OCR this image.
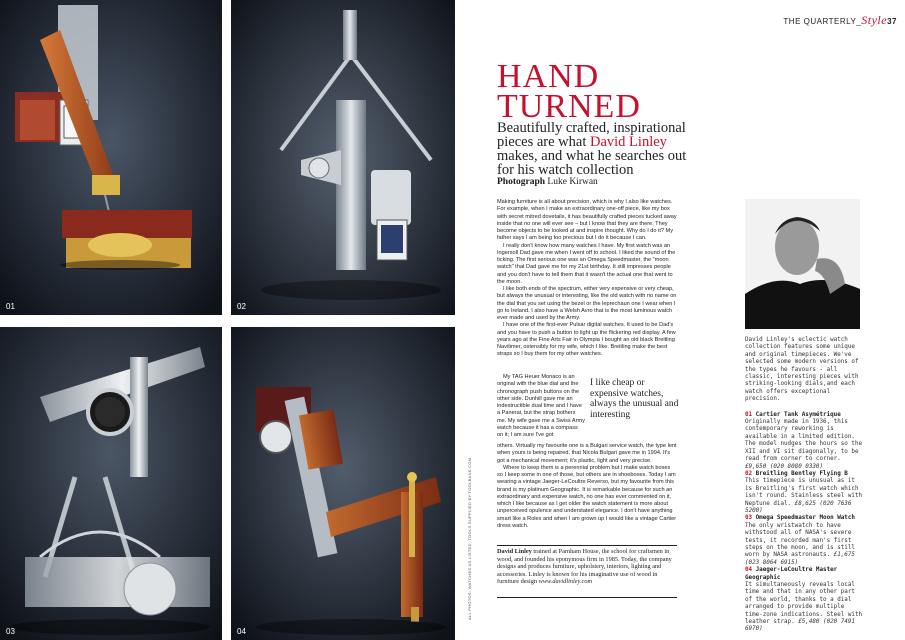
01	02
03	04
ALL PHOTOS: WATCHES AS LISTED, TOOLS SUPPLIED BY TOOLBANK.COM
THE QUARTERLY_Style37
HAND
TURNED
Beautifully crafted, inspirational pieces are what David Linley makes, and what he searches out for his watch collection
Photograph Luke Kirwan

Making furniture is all about precision, which is why I also like watches. For example, when I make an extraordinary one-off piece, like my box with secret mitred dovetails, it has beautifully crafted pieces tucked away inside that no one will ever see – but I know that they are there. They become objects to be looked at and inspire thought. Why do I do it? My father says I am being too precious but I do it because I can.

I really don't know how many watches I have. My first watch was an Ingersoll Dad gave me when I went off to school. I liked the sound of the ticking. The first serious one was an Omega Speedmaster, the "moon watch" that Dad gave me for my 21st birthday. It still impresses people and you don't have to tell them that it wasn't the actual one that went to the moon.

I like both ends of the spectrum, either very expensive or very cheap, but always the unusual or interesting, like the old watch with no name on the dial that you set using the bezel or the leprechaun one I wear when I go to Ireland. I also have a Welsh Avro that is the most luminous watch ever made and used by the Army.

I have one of the first-ever Pulsar digital watches. It used to be Dad's and you have to push a button to light up the flickering red display. A few years ago at the Fine Arts Fair in Olympia I bought an old black Breitling Navitimer, ostensibly for my wife, which I like. Breitling make the best straps so I buy them for my other watches.

My TAG Heuer Monaco is an original with the blue dial and the chronograph push buttons on the other side. Dunhill gave me an indestructible dual time and I have a Panerai, but the strap bothers me. My wife gave me a Swiss Army watch because it has a compass on it; I am sure I've got

I like cheap or expensive watches, always the unusual and interesting

others. Virtually my favourite one is a Bulgari service watch, the type lent when yours is being repaired, that Nicola Bulgari gave me in 1994. It's got a mechanical movement; it's plastic, light and very precise.

Where to keep them is a perennial problem but I make watch boxes so I keep some in one of those, but others are in shoeboxes. Today I am wearing a vintage Jaeger-LeCoultre Reverso, but my favourite from this brand is my platinum Geographic. It is remarkable because for such an extraordinary and expensive watch, no one has ever commented on it, which I like because as I get older the watch statement is more about unperceived opulence and understated elegance. I don't have anything smart like a Rolex and when I am grown up I would like a vintage Cartier dress watch.

David Linley trained at Parnham House, the school for craftsmen in wood, and founded his eponymous firm in 1985. Today, the company designs and produces furniture, upholstery, interiors, lighting and accessories. Linley is known for his imaginative use of wood in furniture design www.davidlinley.com
David Linley's eclectic watch collection features some unique and original timepieces. We've selected some modern versions of the types he favours - all classic, interesting pieces with striking-looking dials,and each watch offers exceptional precision.
01 Cartier Tank Asymétrique
Originally made in 1936, this contemporary reworking is available in a limited edition. The model nudges the hours so the XII and VI sit diagonally, to be read from corner to corner. £9,650 (020 8080 0330)
02 Breitling Bentley Flying B
This timepiece is unusual as it is Breitling's first watch which isn't round. Stainless steel with Neptune dial. £8,625 (020 7636 5200)
03 Omega Speedmaster Moon Watch
The only wristwatch to have withstood all of NASA's severe tests, it recorded man's first steps on the moon, and is still worn by NASA astronauts. £1,675 (023 8064 6915)
04 Jaeger-LeCoultre Master Geographic
It simultaneously reveals local time and that in any other part of the world, thanks to a dial arranged to provide multiple time-zone indications. Steel with leather strap. £5,480 (020 7491 6970)
